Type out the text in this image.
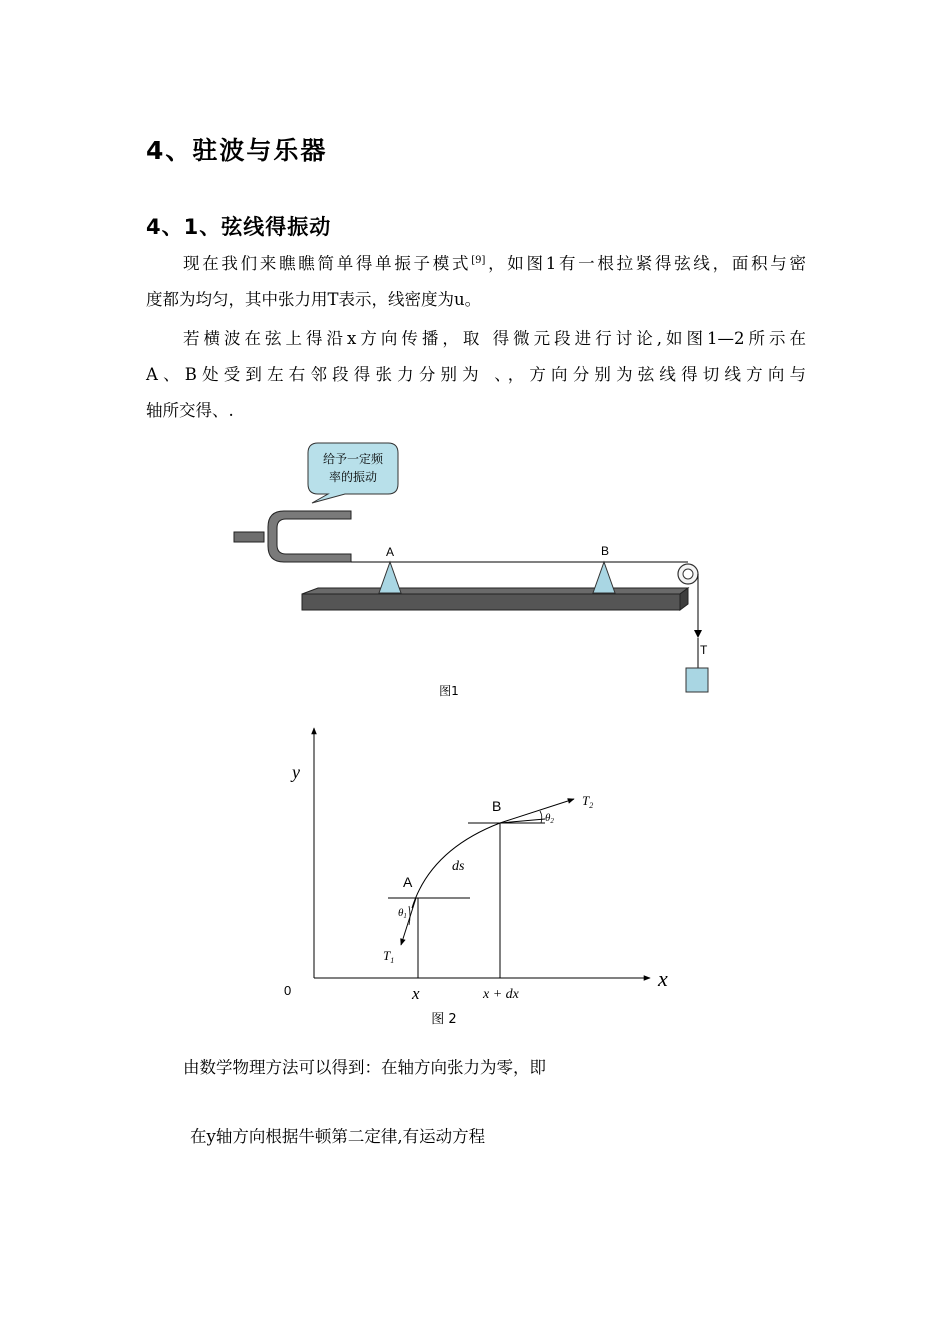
4、驻波与乐器
4、1、弦线得振动
现在我们来瞧瞧简单得单振子模式[9]，如图1有一根拉紧得弦线，面积与密
度都为均匀，其中张力用T表示，线密度为u。
若横波在弦上得沿x方向传播，取 得微元段进行讨论,如图1—2所示在
A、B处受到左右邻段得张力分别为 、，方向分别为弦线得切线方向与
轴所交得、.
给予一定频
率的振动
A	B
T
图1
y
x
0	x	x + dx
A
B
ds
$T_1$
$T_2$
θ1
θ2
图 2
由数学物理方法可以得到：在轴方向张力为零，即
在y轴方向根据牛顿第二定律,有运动方程
